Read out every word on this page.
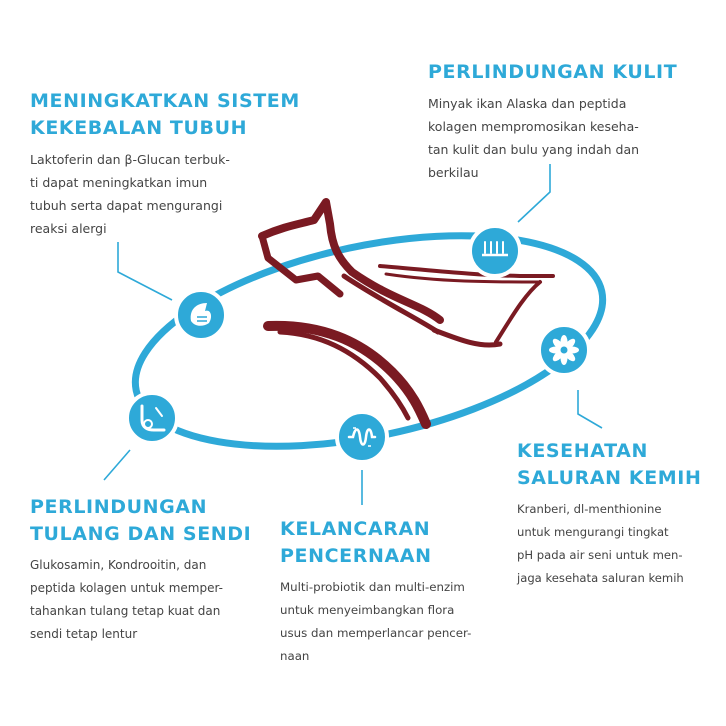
MENINGKATKAN SISTEM
KEKEBALAN TUBUH
Laktoferin dan β-Glucan terbuk-
ti dapat meningkatkan imun
tubuh serta dapat mengurangi
reaksi alergi
PERLINDUNGAN KULIT
Minyak ikan Alaska dan peptida
kolagen mempromosikan keseha-
tan kulit dan bulu yang indah dan
berkilau
KESEHATAN
SALURAN KEMIH
Kranberi, dl-menthionine
untuk mengurangi tingkat
pH pada air seni untuk men-
jaga kesehata saluran kemih
KELANCARAN
PENCERNAAN
Multi-probiotik dan multi-enzim
untuk menyeimbangkan flora
usus dan memperlancar pencer-
naan
PERLINDUNGAN
TULANG DAN SENDI
Glukosamin, Kondrooitin, dan
peptida kolagen untuk memper-
tahankan tulang tetap kuat dan
sendi tetap lentur
